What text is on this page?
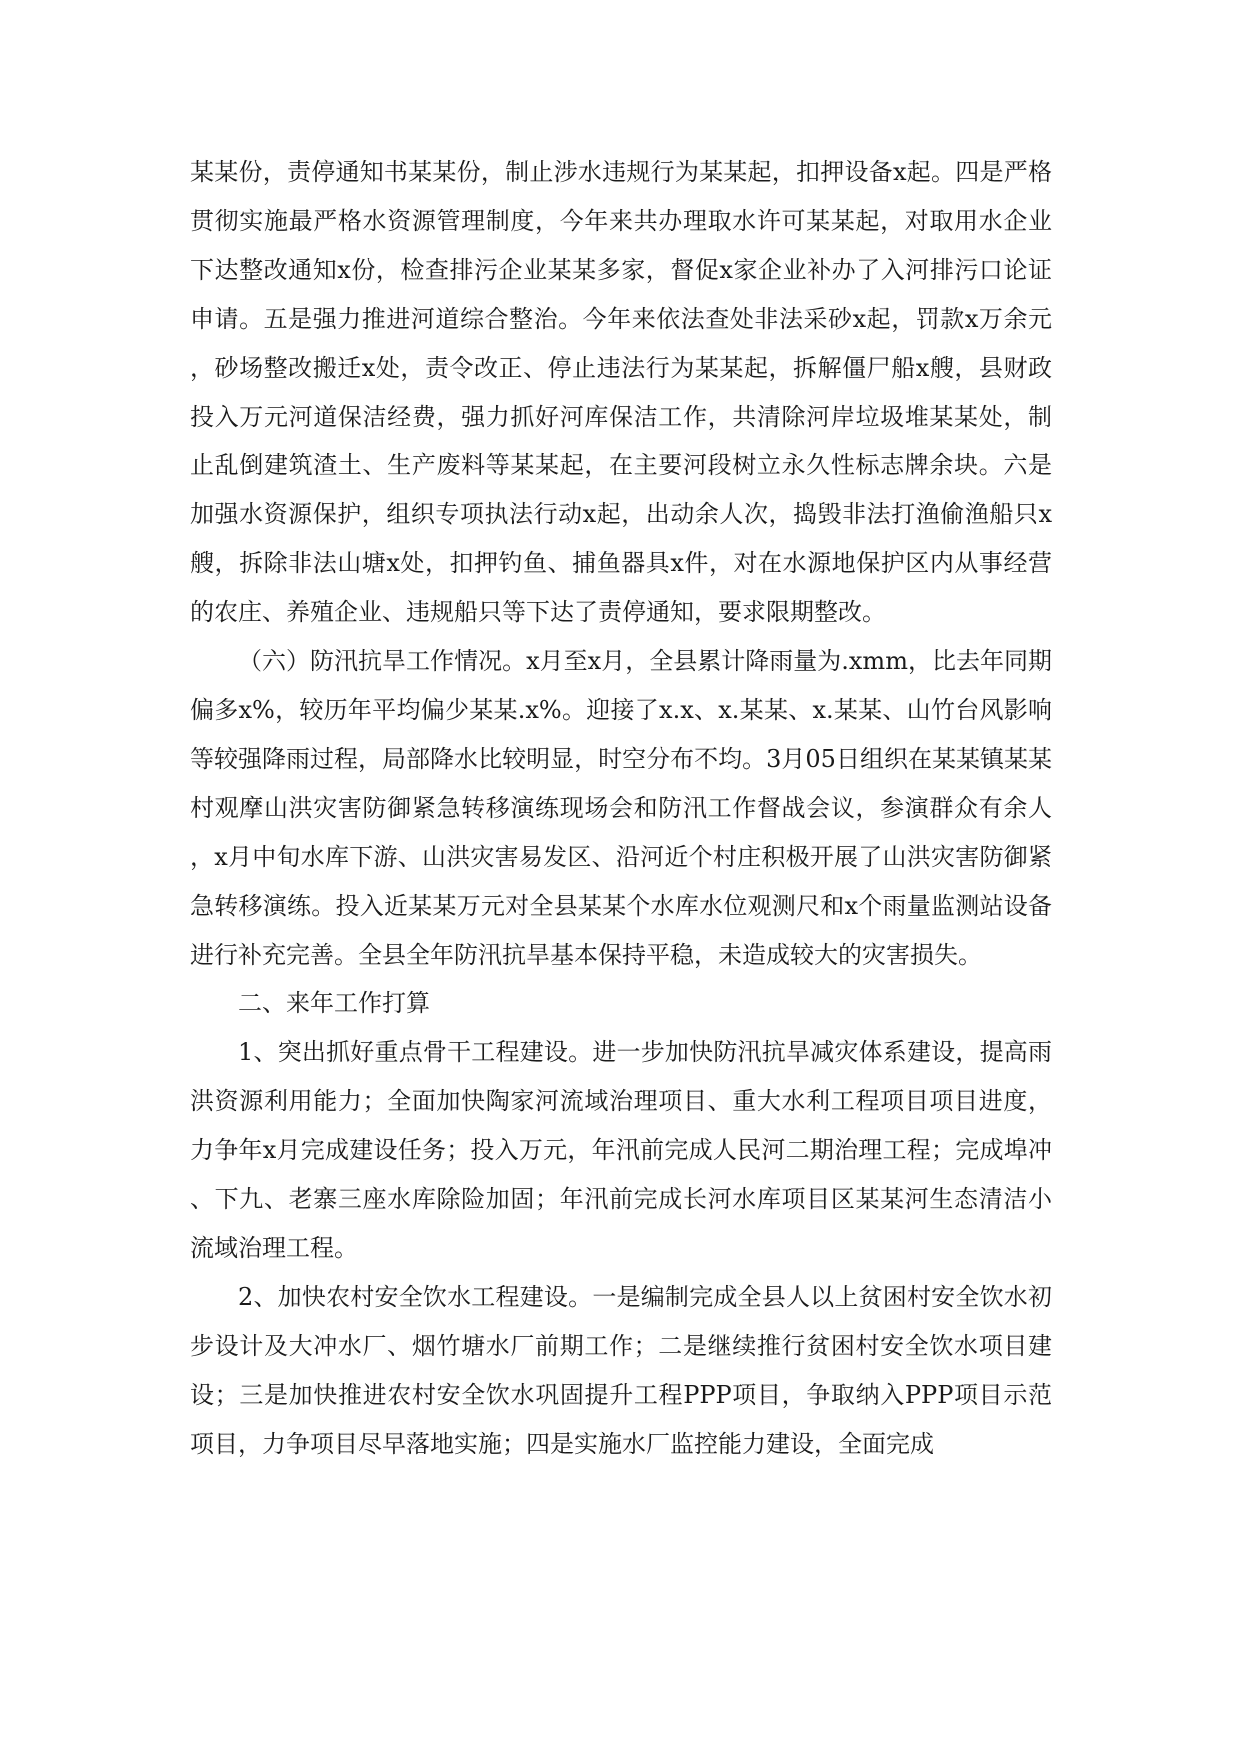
某某份，责停通知书某某份，制止涉水违规行为某某起，扣押设备x起。四是严格贯彻实施最严格水资源管理制度，今年来共办理取水许可某某起，对取用水企业下达整改通知x份，检查排污企业某某多家，督促x家企业补办了入河排污口论证申请。五是强力推进河道综合整治。今年来依法查处非法采砂x起，罚款x万余元，砂场整改搬迁x处，责令改正、停止违法行为某某起，拆解僵尸船x艘，县财政投入万元河道保洁经费，强力抓好河库保洁工作，共清除河岸垃圾堆某某处，制止乱倒建筑渣土、生产废料等某某起，在主要河段树立永久性标志牌余块。六是加强水资源保护，组织专项执法行动x起，出动余人次，捣毁非法打渔偷渔船只x艘，拆除非法山塘x处，扣押钓鱼、捕鱼器具x件，对在水源地保护区内从事经营的农庄、养殖企业、违规船只等下达了责停通知，要求限期整改。

（六）防汛抗旱工作情况。x月至x月，全县累计降雨量为.xmm，比去年同期偏多x%，较历年平均偏少某某.x%。迎接了x.x、x.某某、x.某某、山竹台风影响等较强降雨过程，局部降水比较明显，时空分布不均。3月05日组织在某某镇某某村观摩山洪灾害防御紧急转移演练现场会和防汛工作督战会议，参演群众有余人，x月中旬水库下游、山洪灾害易发区、沿河近个村庄积极开展了山洪灾害防御紧急转移演练。投入近某某万元对全县某某个水库水位观测尺和x个雨量监测站设备进行补充完善。全县全年防汛抗旱基本保持平稳，未造成较大的灾害损失。

二、来年工作打算

1、突出抓好重点骨干工程建设。进一步加快防汛抗旱减灾体系建设，提高雨洪资源利用能力；全面加快陶家河流域治理项目、重大水利工程项目项目进度，力争年x月完成建设任务；投入万元，年汛前完成人民河二期治理工程；完成埠冲、下九、老寨三座水库除险加固；年汛前完成长河水库项目区某某河生态清洁小流域治理工程。

2、加快农村安全饮水工程建设。一是编制完成全县人以上贫困村安全饮水初步设计及大冲水厂、烟竹塘水厂前期工作；二是继续推行贫困村安全饮水项目建设；三是加快推进农村安全饮水巩固提升工程PPP项目，争取纳入PPP项目示范项目，力争项目尽早落地实施；四是实施水厂监控能力建设，全面完成
